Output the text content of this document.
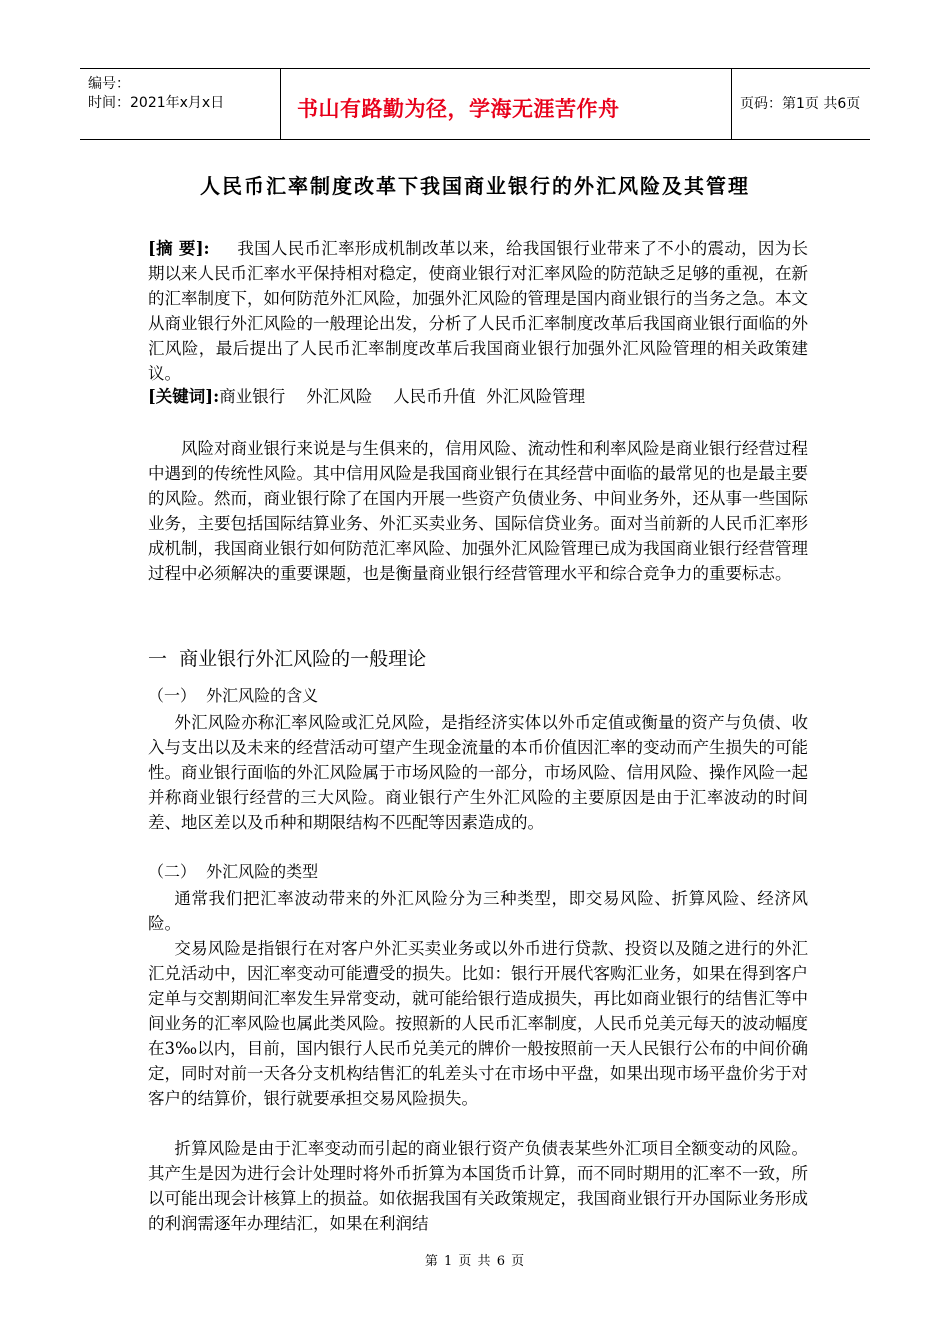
编号：
时间：2021年x月x日	书山有路勤为径，学海无涯苦作舟	页码：第1页 共6页
人民币汇率制度改革下我国商业银行的外汇风险及其管理

[摘 要]: 我国人民币汇率形成机制改革以来，给我国银行业带来了不小的震动，因为长期以来人民币汇率水平保持相对稳定，使商业银行对汇率风险的防范缺乏足够的重视，在新的汇率制度下，如何防范外汇风险，加强外汇风险的管理是国内商业银行的当务之急。本文从商业银行外汇风险的一般理论出发，分析了人民币汇率制度改革后我国商业银行面临的外汇风险，最后提出了人民币汇率制度改革后我国商业银行加强外汇风险管理的相关政策建议。

[关键词]:商业银行    外汇风险    人民币升值  外汇风险管理

风险对商业银行来说是与生俱来的，信用风险、流动性和利率风险是商业银行经营过程中遇到的传统性风险。其中信用风险是我国商业银行在其经营中面临的最常见的也是最主要的风险。然而，商业银行除了在国内开展一些资产负债业务、中间业务外，还从事一些国际业务，主要包括国际结算业务、外汇买卖业务、国际信贷业务。面对当前新的人民币汇率形成机制，我国商业银行如何防范汇率风险、加强外汇风险管理已成为我国商业银行经营管理过程中必须解决的重要课题，也是衡量商业银行经营管理水平和综合竞争力的重要标志。

一  商业银行外汇风险的一般理论
（一）  外汇风险的含义

外汇风险亦称汇率风险或汇兑风险，是指经济实体以外币定值或衡量的资产与负债、收入与支出以及未来的经营活动可望产生现金流量的本币价值因汇率的变动而产生损失的可能性。商业银行面临的外汇风险属于市场风险的一部分，市场风险、信用风险、操作风险一起并称商业银行经营的三大风险。商业银行产生外汇风险的主要原因是由于汇率波动的时间差、地区差以及币种和期限结构不匹配等因素造成的。

（二）  外汇风险的类型

通常我们把汇率波动带来的外汇风险分为三种类型，即交易风险、折算风险、经济风险。

交易风险是指银行在对客户外汇买卖业务或以外币进行贷款、投资以及随之进行的外汇汇兑活动中，因汇率变动可能遭受的损失。比如：银行开展代客购汇业务，如果在得到客户定单与交割期间汇率发生异常变动，就可能给银行造成损失，再比如商业银行的结售汇等中间业务的汇率风险也属此类风险。按照新的人民币汇率制度，人民币兑美元每天的波动幅度在3‰以内，目前，国内银行人民币兑美元的牌价一般按照前一天人民银行公布的中间价确定，同时对前一天各分支机构结售汇的轧差头寸在市场中平盘，如果出现市场平盘价劣于对客户的结算价，银行就要承担交易风险损失。

折算风险是由于汇率变动而引起的商业银行资产负债表某些外汇项目全额变动的风险。其产生是因为进行会计处理时将外币折算为本国货币计算，而不同时期用的汇率不一致，所以可能出现会计核算上的损益。如依据我国有关政策规定，我国商业银行开办国际业务形成的利润需逐年办理结汇，如果在利润结

第 1 页 共 6 页
